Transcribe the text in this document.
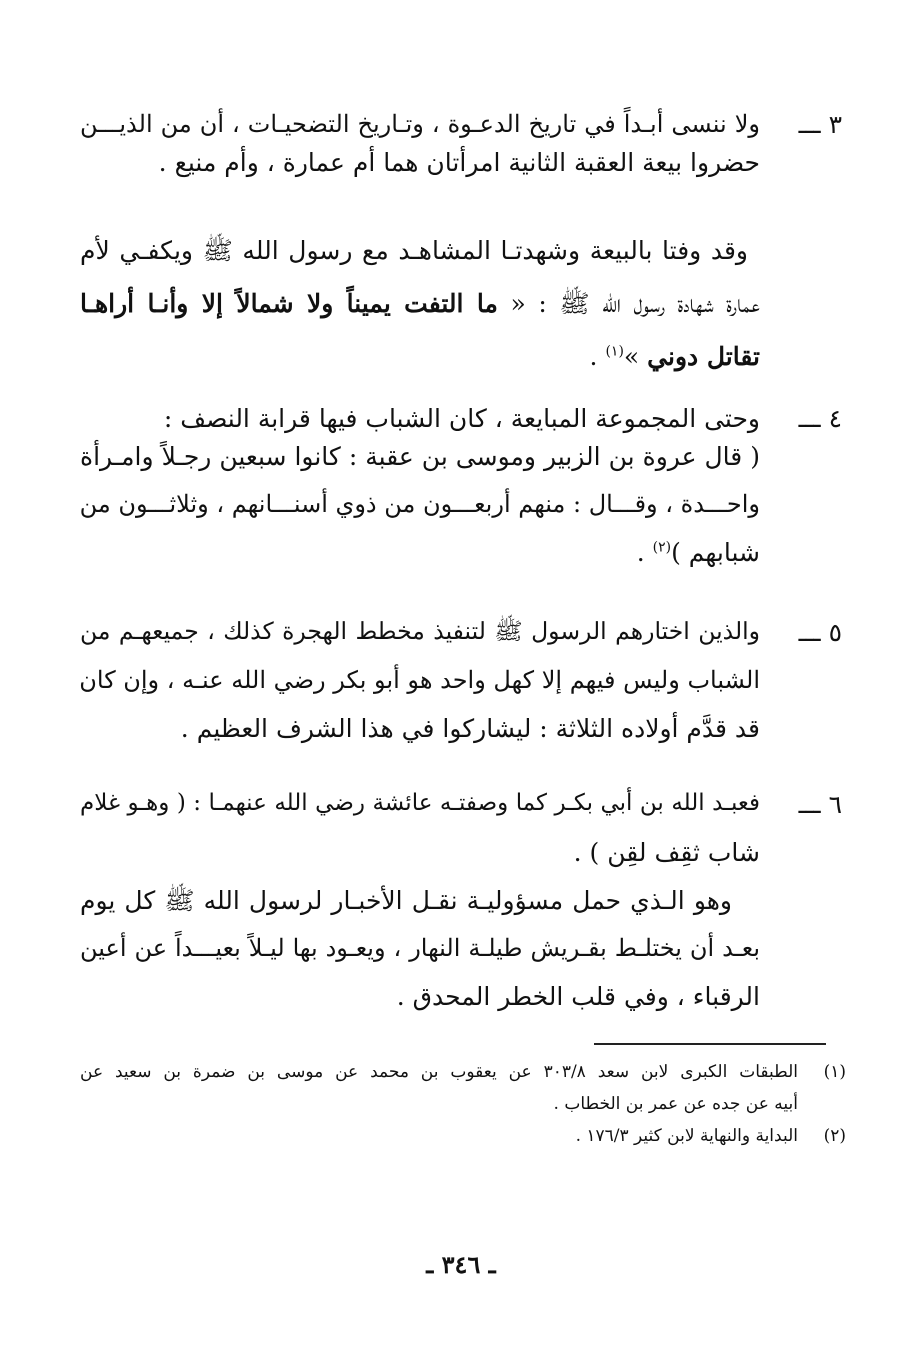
٣ ـــ
ولا ننسى أبـداً في تاريخ الدعـوة ، وتـاريخ التضحيـات ، أن من الذيـــن
حضروا بيعة العقبة الثانية امرأتان هما أم عمارة ، وأم منيع .
وقد وفتا بالبيعة وشهدتـا المشاهـد مع رسول الله ﷺ ويكفـي لأم
عمارة شهادة رسول الله ﷺ : « ما التفت يميناً ولا شمالاً إلا وأنـا أراهـا
تقاتل دوني »$^{(١)}$ .
٤ ـــ
وحتى المجموعة المبايعة ، كان الشباب فيها قرابة النصف :
( قال عروة بن الزبير وموسى بن عقبة : كانوا سبعين رجـلاً وامـرأة
واحـــدة ، وقـــال : منهم أربعـــون من ذوي أسنـــانهم ، وثلاثـــون من
شبابهم )$^{(٢)}$ .
٥ ـــ
والذين اختارهم الرسول ﷺ لتنفيذ مخطط الهجرة كذلك ، جميعهـم من
الشباب وليس فيهم إلا كهل واحد هو أبو بكر رضي الله عنـه ، وإن كان
قد قدَّم أولاده الثلاثة : ليشاركوا في هذا الشرف العظيم .
٦ ـــ
فعبـد الله بن أبي بكـر كما وصفتـه عائشة رضي الله عنهمـا : ( وهـو غلام
شاب ثقِف لقِن ) .
وهو الـذي حمل مسؤوليـة نقـل الأخبـار لرسول الله ﷺ كل يوم
بعـد أن يختلـط بقـريش طيلـة النهار ، ويعـود بها ليـلاً بعيـــداً عن أعين
الرقباء ، وفي قلب الخطر المحدق .
(١)
الطبقات الكبرى لابن سعد ٣٠٣/٨ عن يعقوب بن محمد عن موسى بن ضمرة بن سعيد عن
أبيه عن جده عن عمر بن الخطاب .
(٢)
البداية والنهاية لابن كثير ١٧٦/٣ .
ـ ٣٤٦ ـ
